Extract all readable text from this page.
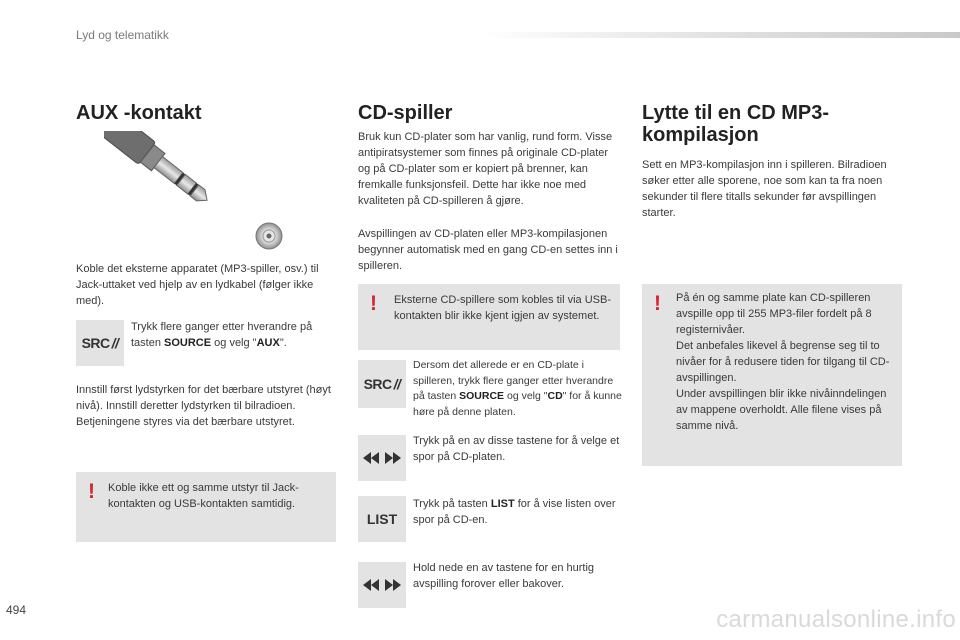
Lyd og telematikk
AUX -kontakt
Koble det eksterne apparatet (MP3-spiller, osv.) til Jack-uttaket ved hjelp av en lydkabel (følger ikke med).
SRC //
Trykk flere ganger etter hverandre på tasten SOURCE og velg "AUX".
Innstill først lydstyrken for det bærbare utstyret (høyt nivå). Innstill deretter lydstyrken til bilradioen. Betjeningene styres via det bærbare utstyret.
! Koble ikke ett og samme utstyr til Jack-kontakten og USB-kontakten samtidig.
CD-spiller
Bruk kun CD-plater som har vanlig, rund form. Visse antipiratsystemer som finnes på originale CD-plater og på CD-plater som er kopiert på brenner, kan fremkalle funksjonsfeil. Dette har ikke noe med kvaliteten på CD-spilleren å gjøre.
Avspillingen av CD-platen eller MP3-kompilasjonen begynner automatisk med en gang CD-en settes inn i spilleren.
! Eksterne CD-spillere som kobles til via USB-kontakten blir ikke kjent igjen av systemet.
SRC //
Dersom det allerede er en CD-plate i spilleren, trykk flere ganger etter hverandre på tasten SOURCE og velg "CD" for å kunne høre på denne platen.
Trykk på en av disse tastene for å velge et spor på CD-platen.
LIST
Trykk på tasten LIST for å vise listen over spor på CD-en.
Hold nede en av tastene for en hurtig avspilling forover eller bakover.
Lytte til en CD MP3-
kompilasjon
Sett en MP3-kompilasjon inn i spilleren. Bilradioen søker etter alle sporene, noe som kan ta fra noen sekunder til flere titalls sekunder før avspillingen starter.
! På én og samme plate kan CD-spilleren avspille opp til 255 MP3-filer fordelt på 8 registernivåer.
Det anbefales likevel å begrense seg til to nivåer for å redusere tiden for tilgang til CD-avspillingen.
Under avspillingen blir ikke nivåinndelingen av mappene overholdt. Alle filene vises på samme nivå.
494	carmanualsonline.info
